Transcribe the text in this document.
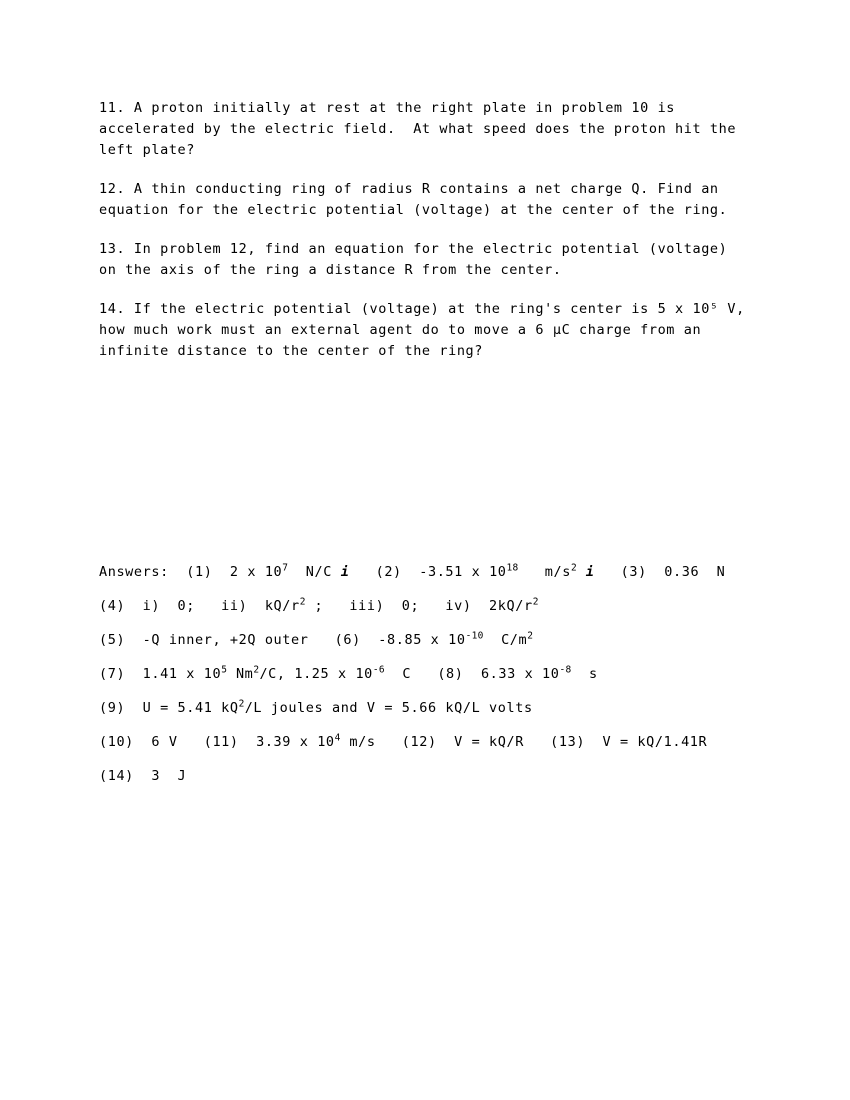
11. A proton initially at rest at the right plate in problem 10 is accelerated by the electric field.  At what speed does the proton hit the left plate?
12. A thin conducting ring of radius R contains a net charge Q. Find an equation for the electric potential (voltage) at the center of the ring.
13. In problem 12, find an equation for the electric potential (voltage) on the axis of the ring a distance R from the center.
14. If the electric potential (voltage) at the ring's center is 5 x 10⁵ V, how much work must an external agent do to move a 6 µC charge from an infinite distance to the center of the ring?
Answers:  (1)  2 x $10^7$  N/C i   (2)  -3.51 x $10^{18}$   $m/s^2$ i   (3)  0.36  N
(4)  i)  0;   ii)  $kQ/r^2$ ;   iii)  0;   iv)  $2kQ/r^2$
(5)  -Q inner, +2Q outer   (6)  -8.85 x $10^{-10}$  $C/m^2$
(7)  1.41 x $10^5$ Nm$^2$/C, 1.25 x $10^{-6}$  C   (8)  6.33 x $10^{-8}$  s
(9)  U = 5.41 $kQ^2/L$ joules and V = 5.66 kQ/L volts
(10)  6 V   (11)  3.39 x $10^4$ m/s   (12)  V = kQ/R   (13)  V = kQ/1.41R
(14)  3  J
